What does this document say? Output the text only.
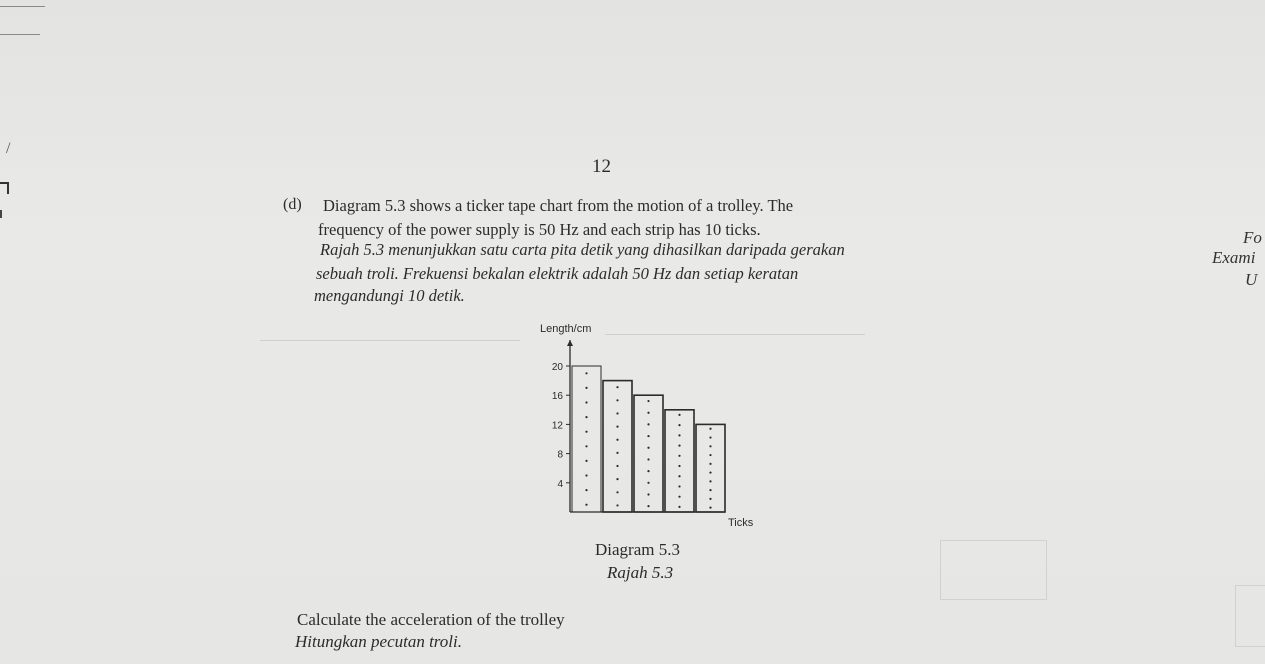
/
12
(d) Diagram 5.3 shows a ticker tape chart from the motion of a trolley. The
frequency of the power supply is 50 Hz and each strip has 10 ticks.
Rajah 5.3 menunjukkan satu carta pita detik yang dihasilkan daripada gerakan
sebuah troli. Frekuensi bekalan elektrik adalah 50 Hz dan setiap keratan
mengandungi 10 detik.
Fo
Exami
U
Length/cm
20
16
12
8
4
Ticks
Diagram 5.3
Rajah 5.3
Calculate the acceleration of the trolley
Hitungkan pecutan troli.
